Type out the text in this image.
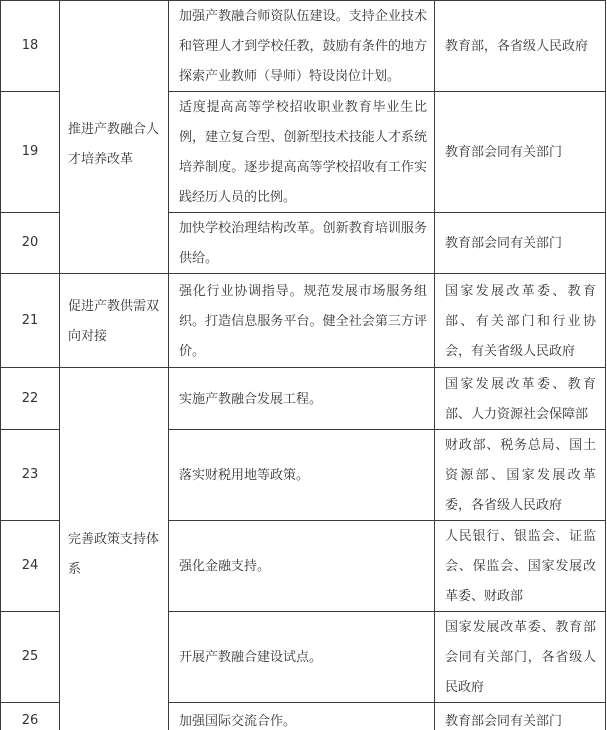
18	推进产教融合人才培养改革	加强产教融合师资队伍建设。支持企业技术和管理人才到学校任教，鼓励有条件的地方探索产业教师（导师）特设岗位计划。	教育部，各省级人民政府
19		适度提高高等学校招收职业教育毕业生比例，建立复合型、创新型技术技能人才系统培养制度。逐步提高高等学校招收有工作实践经历人员的比例。	教育部会同有关部门
20		加快学校治理结构改革。创新教育培训服务供给。	教育部会同有关部门
21	促进产教供需双向对接	强化行业协调指导。规范发展市场服务组织。打造信息服务平台。健全社会第三方评价。	国家发展改革委、教育部、有关部门和行业协会，有关省级人民政府
22	完善政策支持体系	实施产教融合发展工程。	国家发展改革委、教育部、人力资源社会保障部
23		落实财税用地等政策。	财政部、税务总局、国土资源部、国家发展改革委，各省级人民政府
24		强化金融支持。	人民银行、银监会、证监会、保监会、国家发展改革委、财政部
25		开展产教融合建设试点。	国家发展改革委、教育部会同有关部门，各省级人民政府
26		加强国际交流合作。	教育部会同有关部门
